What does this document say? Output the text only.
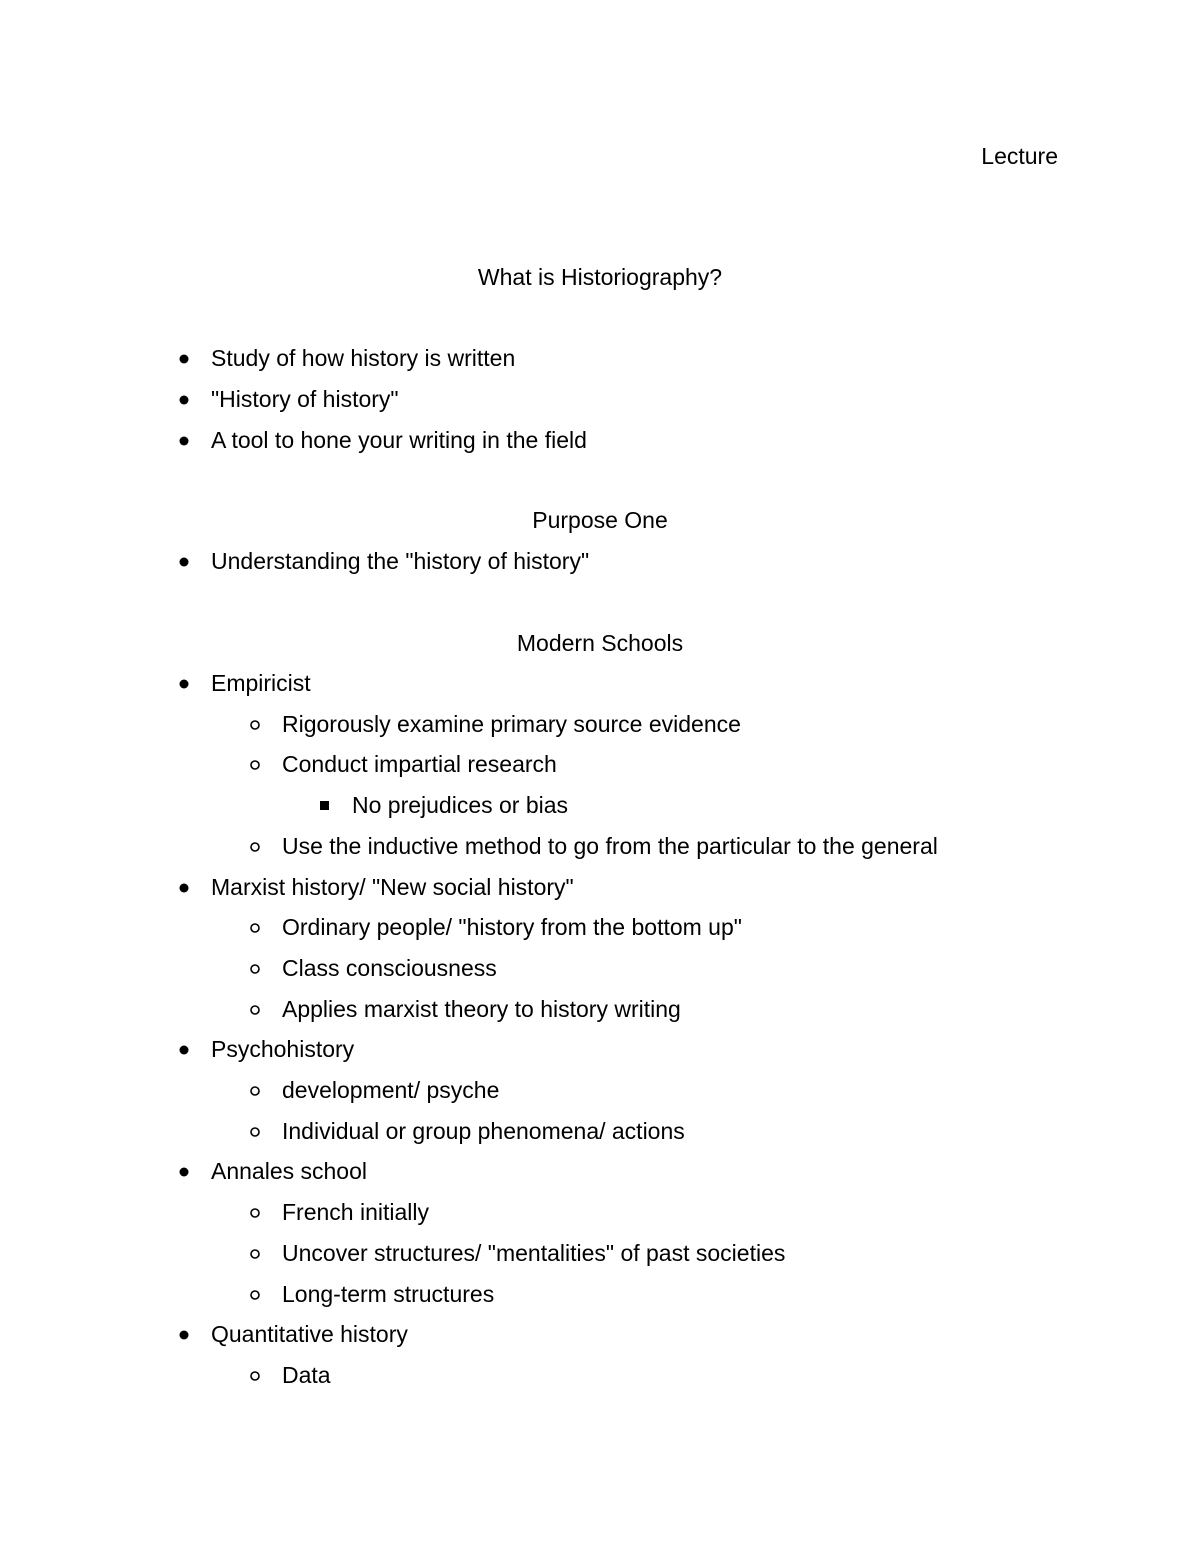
Lecture
What is Historiography?
Purpose One
Modern Schools
Study of how history is written
"History of history"
A tool to hone your writing in the field
Understanding the "history of history"
Empiricist
Rigorously examine primary source evidence
Conduct impartial research
No prejudices or bias
Use the inductive method to go from the particular to the general
Marxist history/ "New social history"
Ordinary people/ "history from the bottom up"
Class consciousness
Applies marxist theory to history writing
Psychohistory
development/ psyche
Individual or group phenomena/ actions
Annales school
French initially
Uncover structures/ "mentalities" of past societies
Long-term structures
Quantitative history
Data
